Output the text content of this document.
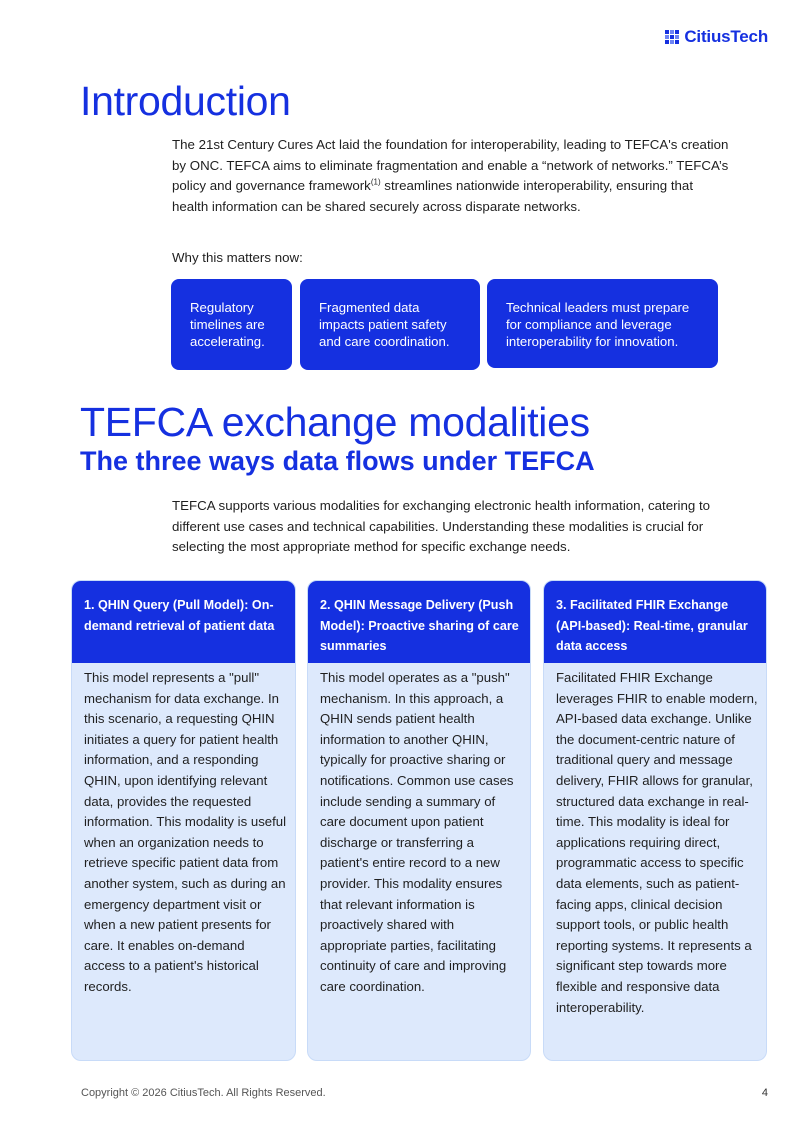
CitiusTech
Introduction

The 21st Century Cures Act laid the foundation for interoperability, leading to TEFCA's creation by ONC. TEFCA aims to eliminate fragmentation and enable a “network of networks.” TEFCA’s policy and governance framework$^{(1)}$ streamlines nationwide interoperability, ensuring that health information can be shared securely across disparate networks.

Why this matters now:

Regulatory timelines are accelerating.
Fragmented data impacts patient safety and care coordination.
Technical leaders must prepare for compliance and leverage interoperability for innovation.
TEFCA exchange modalities
The three ways data flows under TEFCA

TEFCA supports various modalities for exchanging electronic health information, catering to different use cases and technical capabilities. Understanding these modalities is crucial for selecting the most appropriate method for specific exchange needs.

1. QHIN Query (Pull Model): On-demand retrieval of patient data
This model represents a "pull" mechanism for data exchange. In this scenario, a requesting QHIN initiates a query for patient health information, and a responding QHIN, upon identifying relevant data, provides the requested information. This modality is useful when an organization needs to retrieve specific patient data from another system, such as during an emergency department visit or when a new patient presents for care. It enables on-demand access to a patient's historical records.
2. QHIN Message Delivery (Push Model): Proactive sharing of care summaries
This model operates as a "push" mechanism. In this approach, a QHIN sends patient health information to another QHIN, typically for proactive sharing or notifications. Common use cases include sending a summary of care document upon patient discharge or transferring a patient's entire record to a new provider. This modality ensures that relevant information is proactively shared with appropriate parties, facilitating continuity of care and improving care coordination.
3. Facilitated FHIR Exchange (API-based): Real-time, granular data access
Facilitated FHIR Exchange leverages FHIR to enable modern, API-based data exchange. Unlike the document-centric nature of traditional query and message delivery, FHIR allows for granular, structured data exchange in real-time. This modality is ideal for applications requiring direct, programmatic access to specific data elements, such as patient-facing apps, clinical decision support tools, or public health reporting systems. It represents a significant step towards more flexible and responsive data interoperability.
Copyright © 2026 CitiusTech. All Rights Reserved.	4
